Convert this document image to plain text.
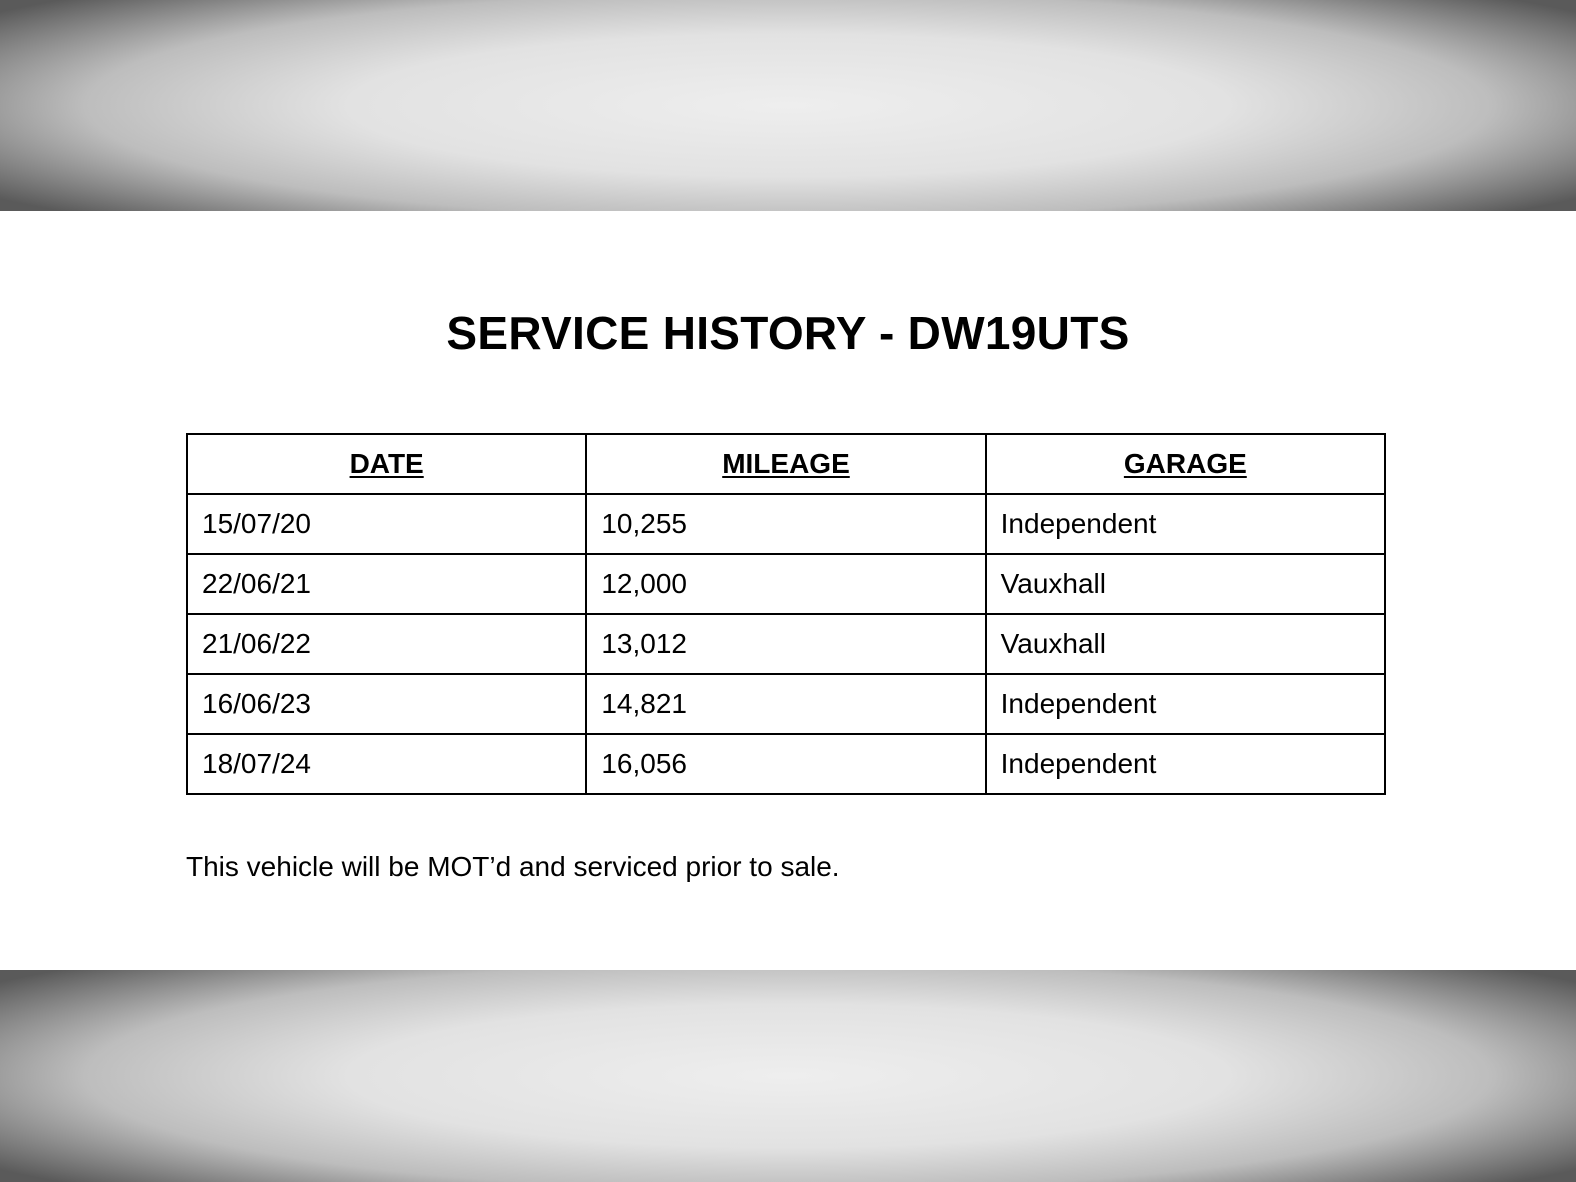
SERVICE HISTORY - DW19UTS
DATE	MILEAGE	GARAGE
15/07/20	10,255	Independent
22/06/21	12,000	Vauxhall
21/06/22	13,012	Vauxhall
16/06/23	14,821	Independent
18/07/24	16,056	Independent

This vehicle will be MOT’d and serviced prior to sale.
